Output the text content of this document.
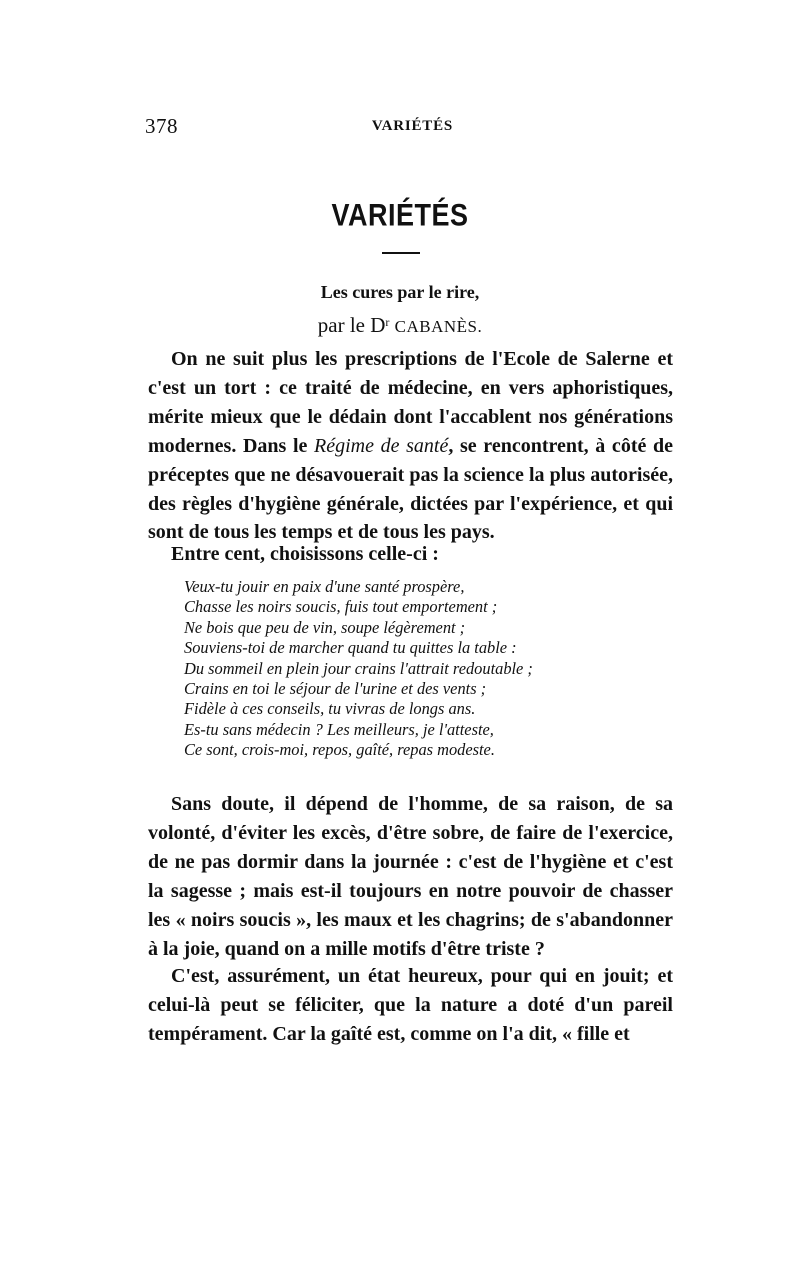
378	VARIÉTÉS
VARIÉTÉS
Les cures par le rire,
par le $D^r$ CABANÈS.

On ne suit plus les prescriptions de l'Ecole de Salerne et c'est un tort : ce traité de médecine, en vers aphoristiques, mérite mieux que le dédain dont l'accablent nos générations modernes. Dans le Régime de santé, se rencontrent, à côté de préceptes que ne désavouerait pas la science la plus autorisée, des règles d'hygiène générale, dictées par l'expérience, et qui sont de tous les temps et de tous les pays.

Entre cent, choisissons celle-ci :

Veux-tu jouir en paix d'une santé prospère,
Chasse les noirs soucis, fuis tout emportement ;
Ne bois que peu de vin, soupe légèrement ;
Souviens-toi de marcher quand tu quittes la table :
Du sommeil en plein jour crains l'attrait redoutable ;
Crains en toi le séjour de l'urine et des vents ;
Fidèle à ces conseils, tu vivras de longs ans.
Es-tu sans médecin ? Les meilleurs, je l'atteste,
Ce sont, crois-moi, repos, gaîté, repas modeste.

Sans doute, il dépend de l'homme, de sa raison, de sa volonté, d'éviter les excès, d'être sobre, de faire de l'exercice, de ne pas dormir dans la journée : c'est de l'hygiène et c'est la sagesse ; mais est-il toujours en notre pouvoir de chasser les « noirs soucis », les maux et les chagrins; de s'abandonner à la joie, quand on a mille motifs d'être triste ?

C'est, assurément, un état heureux, pour qui en jouit; et celui-là peut se féliciter, que la nature a doté d'un pareil tempérament. Car la gaîté est, comme on l'a dit, « fille et
